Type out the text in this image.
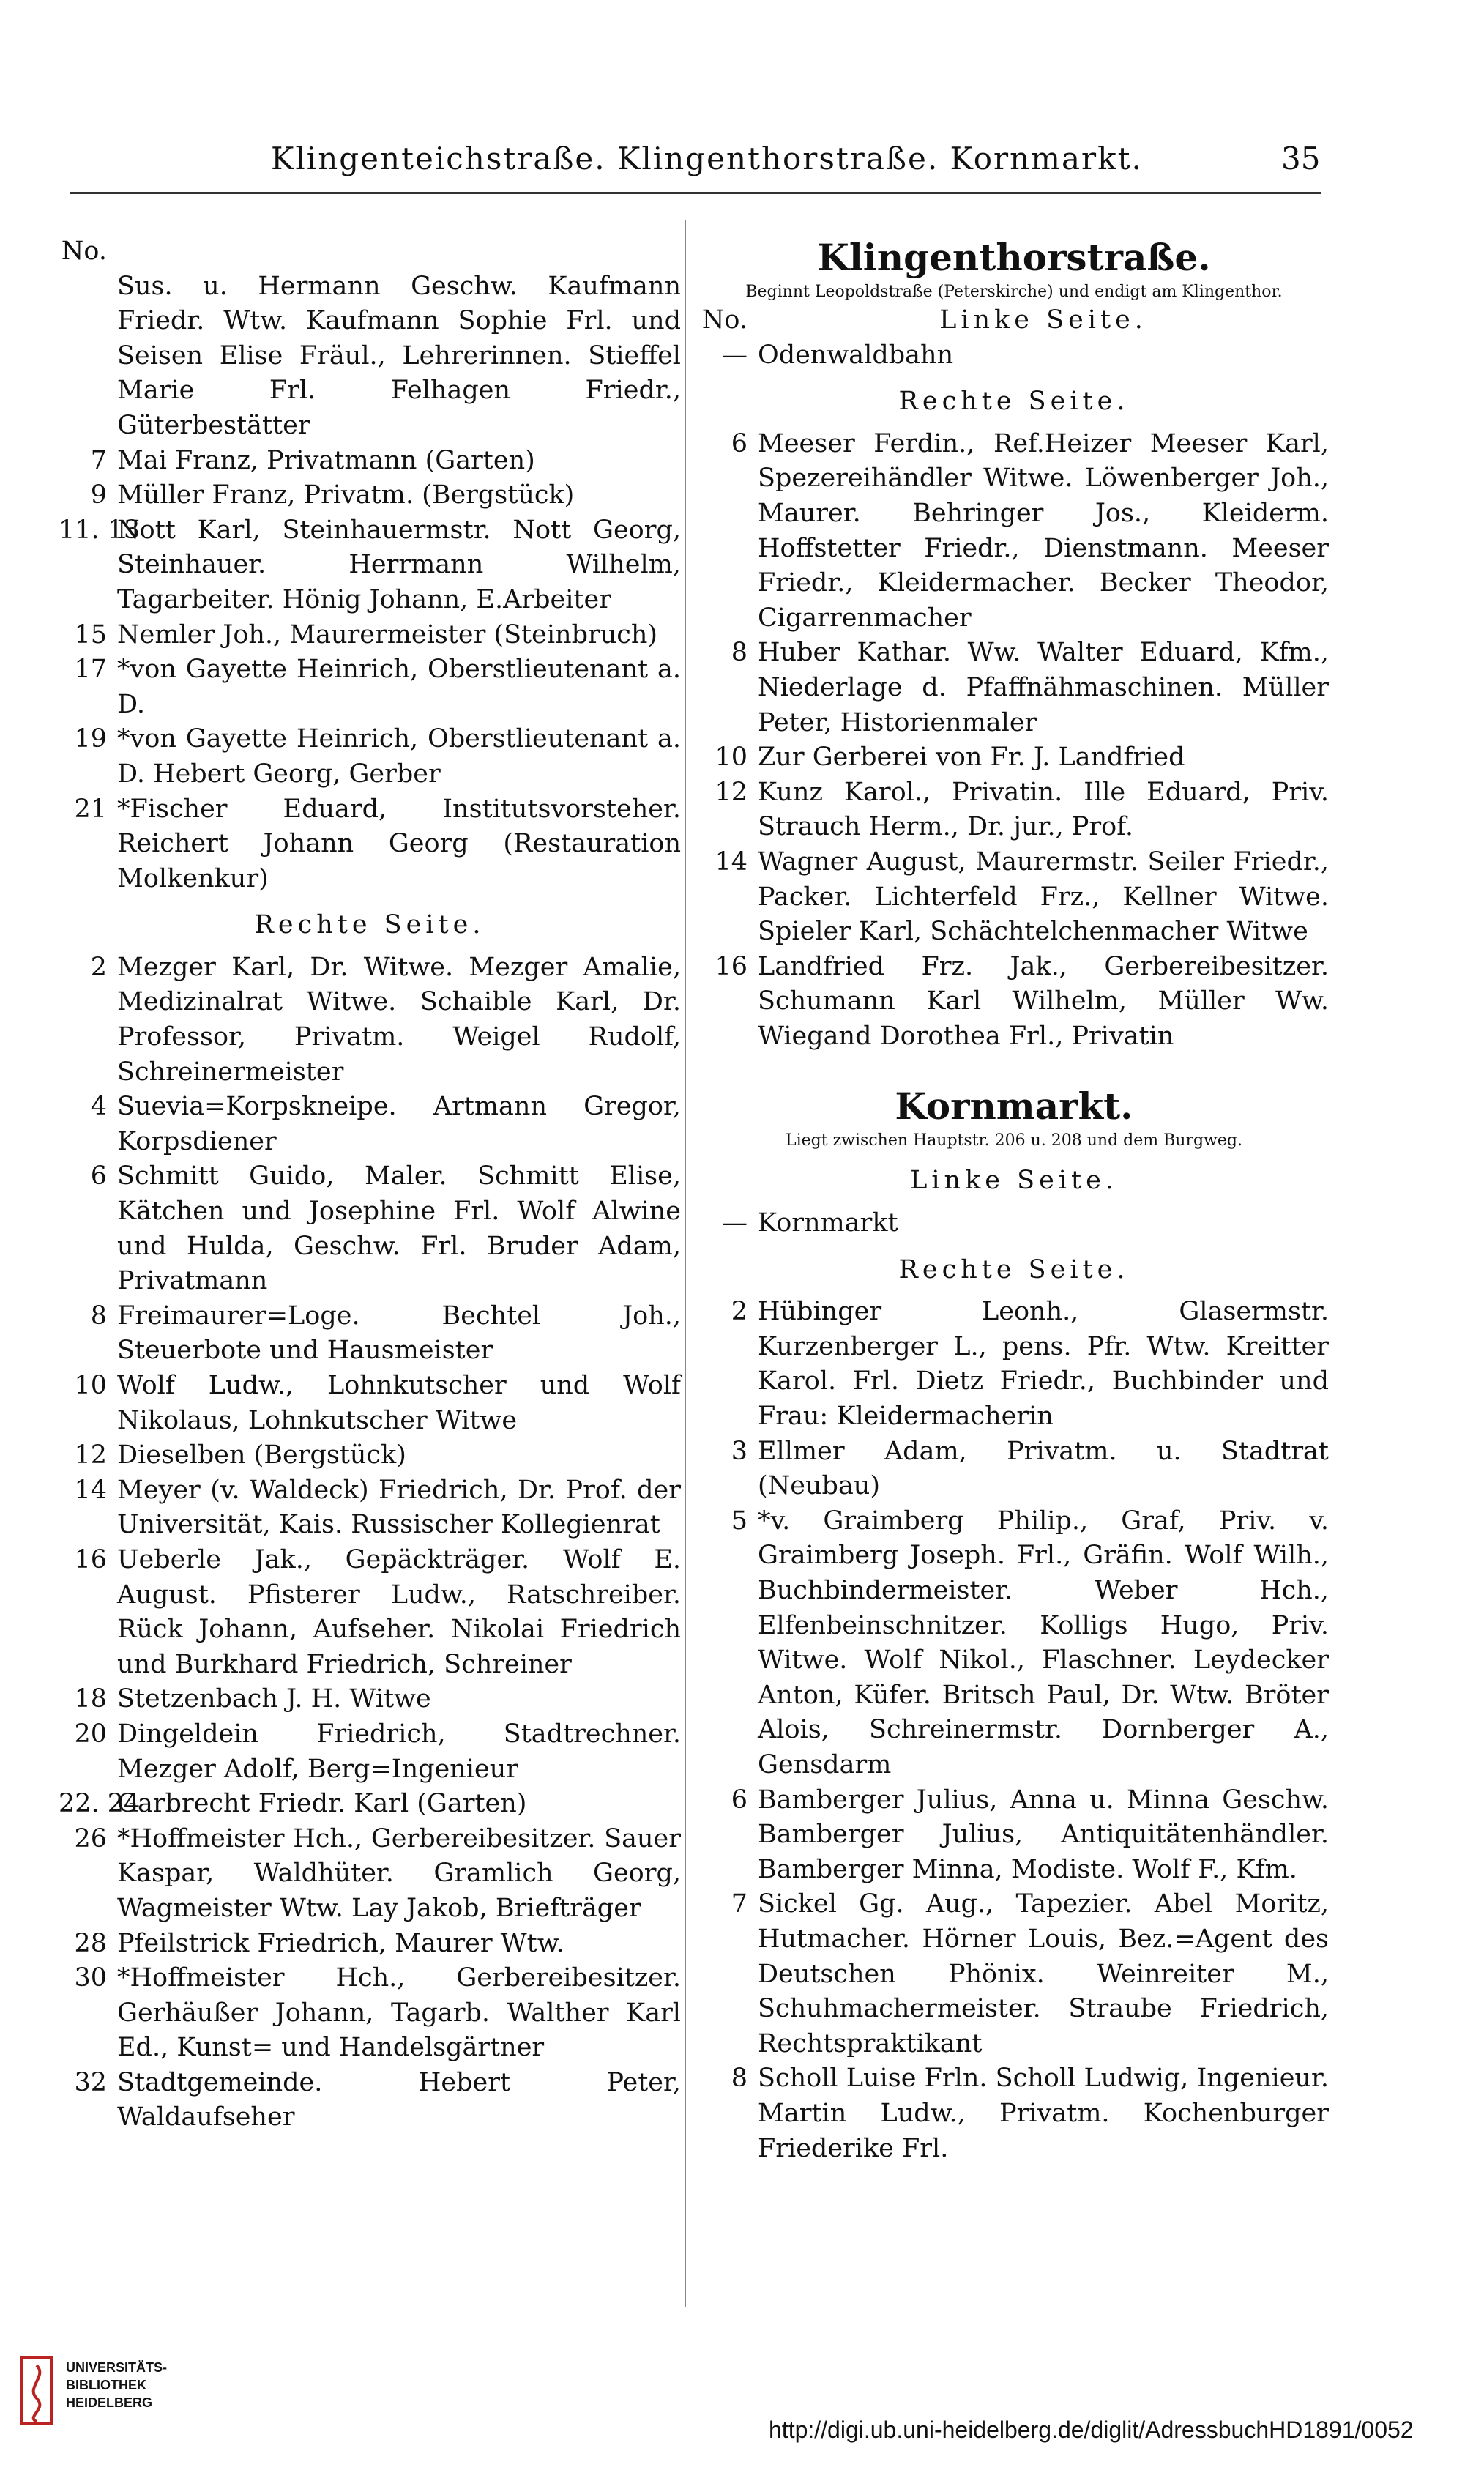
Klingenteichstraße. Klingenthorstraße. Kornmarkt.	35
No.
Sus. u. Hermann Geschw. Kaufmann Friedr. Wtw. Kaufmann Sophie Frl. und Seisen Elise Fräul., Lehrerinnen. Stieffel Marie Frl. Felhagen Friedr., Güterbestätter
7 Mai Franz, Privatmann (Garten)
9 Müller Franz, Privatm. (Bergstück)
11. 13
Nott Karl, Steinhauermstr. Nott Georg, Steinhauer. Herrmann Wilhelm, Tagarbeiter. Hönig Johann, E.Arbeiter
15 Nemler Joh., Maurermeister (Steinbruch)
17 *von Gayette Heinrich, Oberstlieutenant a. D.
19 *von Gayette Heinrich, Oberstlieutenant a. D. Hebert Georg, Gerber
21 *Fischer Eduard, Institutsvorsteher. Reichert Johann Georg (Restauration Molkenkur)
Rechte Seite.
2 Mezger Karl, Dr. Witwe. Mezger Amalie, Medizinalrat Witwe. Schaible Karl, Dr. Professor, Privatm. Weigel Rudolf, Schreinermeister
4 Suevia=Korpskneipe. Artmann Gregor, Korpsdiener
6 Schmitt Guido, Maler. Schmitt Elise, Kätchen und Josephine Frl. Wolf Alwine und Hulda, Geschw. Frl. Bruder Adam, Privatmann
8 Freimaurer=Loge. Bechtel Joh., Steuerbote und Hausmeister
10 Wolf Ludw., Lohnkutscher und Wolf Nikolaus, Lohnkutscher Witwe
12 Dieselben (Bergstück)
14 Meyer (v. Waldeck) Friedrich, Dr. Prof. der Universität, Kais. Russischer Kollegienrat
16 Ueberle Jak., Gepäckträger. Wolf E. August. Pfisterer Ludw., Ratschreiber. Rück Johann, Aufseher. Nikolai Friedrich und Burkhard Friedrich, Schreiner
18 Stetzenbach J. H. Witwe
20 Dingeldein Friedrich, Stadtrechner. Mezger Adolf, Berg=Ingenieur
22. 24
Garbrecht Friedr. Karl (Garten)
26 *Hoffmeister Hch., Gerbereibesitzer. Sauer Kaspar, Waldhüter. Gramlich Georg, Wagmeister Wtw. Lay Jakob, Briefträger
28 Pfeilstrick Friedrich, Maurer Wtw.
30 *Hoffmeister Hch., Gerbereibesitzer. Gerhäußer Johann, Tagarb. Walther Karl Ed., Kunst= und Handelsgärtner
32 Stadtgemeinde. Hebert Peter, Waldaufseher
Klingenthorstraße.
Beginnt Leopoldstraße (Peterskirche) und endigt am Klingenthor.
No.	Linke Seite.
— Odenwaldbahn
Rechte Seite.
6 Meeser Ferdin., Ref.Heizer Meeser Karl, Spezereihändler Witwe. Löwenberger Joh., Maurer. Behringer Jos., Kleiderm. Hoffstetter Friedr., Dienstmann. Meeser Friedr., Kleidermacher. Becker Theodor, Cigarrenmacher
8 Huber Kathar. Ww. Walter Eduard, Kfm., Niederlage d. Pfaffnähmaschinen. Müller Peter, Historienmaler
10 Zur Gerberei von Fr. J. Landfried
12 Kunz Karol., Privatin. Ille Eduard, Priv. Strauch Herm., Dr. jur., Prof.
14 Wagner August, Maurermstr. Seiler Friedr., Packer. Lichterfeld Frz., Kellner Witwe. Spieler Karl, Schächtelchenmacher Witwe
16 Landfried Frz. Jak., Gerbereibesitzer. Schumann Karl Wilhelm, Müller Ww. Wiegand Dorothea Frl., Privatin
Kornmarkt.
Liegt zwischen Hauptstr. 206 u. 208 und dem Burgweg.
Linke Seite.
— Kornmarkt
Rechte Seite.
2 Hübinger Leonh., Glasermstr. Kurzenberger L., pens. Pfr. Wtw. Kreitter Karol. Frl. Dietz Friedr., Buchbinder und Frau: Kleidermacherin
3 Ellmer Adam, Privatm. u. Stadtrat (Neubau)
5 *v. Graimberg Philip., Graf, Priv. v. Graimberg Joseph. Frl., Gräfin. Wolf Wilh., Buchbindermeister. Weber Hch., Elfenbeinschnitzer. Kolligs Hugo, Priv. Witwe. Wolf Nikol., Flaschner. Leydecker Anton, Küfer. Britsch Paul, Dr. Wtw. Bröter Alois, Schreinermstr. Dornberger A., Gensdarm
6 Bamberger Julius, Anna u. Minna Geschw. Bamberger Julius, Antiquitätenhändler. Bamberger Minna, Modiste. Wolf F., Kfm.
7 Sickel Gg. Aug., Tapezier. Abel Moritz, Hutmacher. Hörner Louis, Bez.=Agent des Deutschen Phönix. Weinreiter M., Schuhmachermeister. Straube Friedrich, Rechtspraktikant
8 Scholl Luise Frln. Scholl Ludwig, Ingenieur. Martin Ludw., Privatm. Kochenburger Friederike Frl.
UNIVERSITÄTS-
BIBLIOTHEK
HEIDELBERG
http://digi.ub.uni-heidelberg.de/diglit/AdressbuchHD1891/0052
